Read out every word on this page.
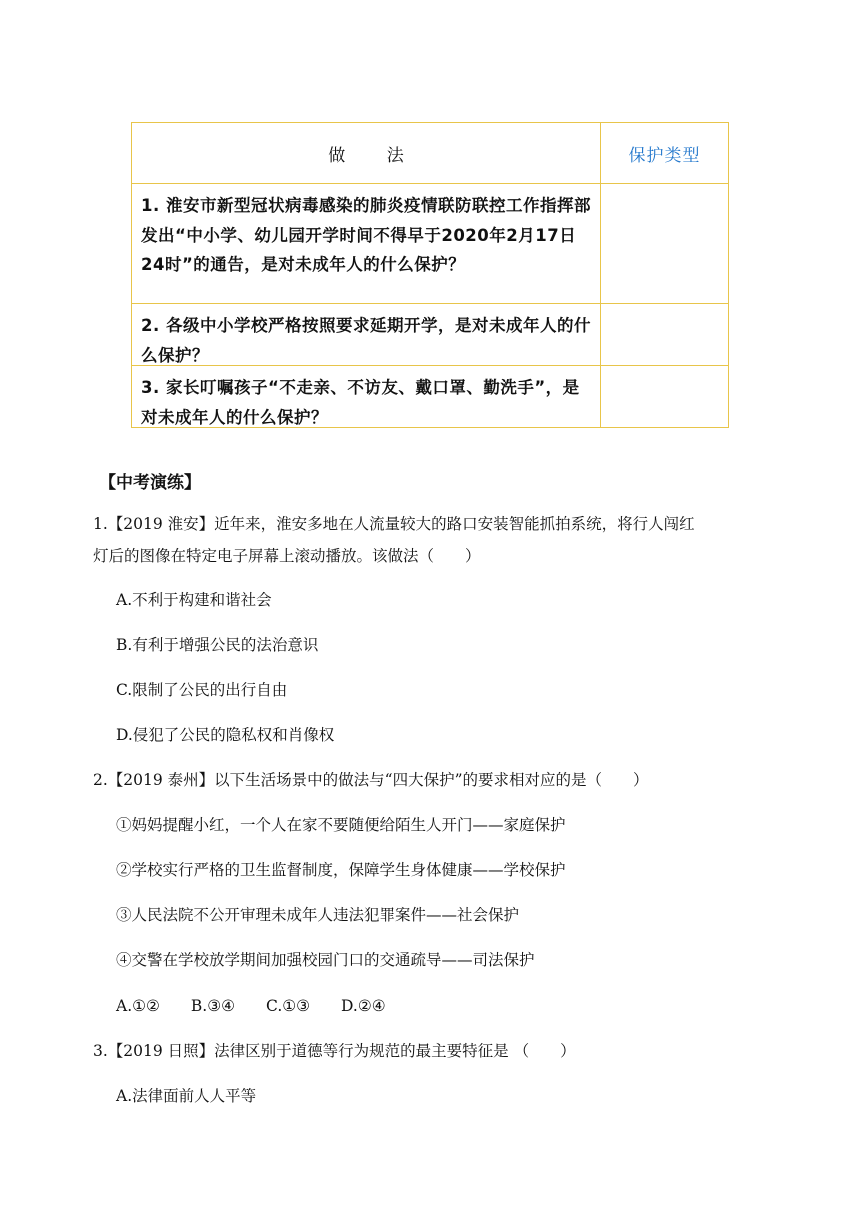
做 法	保护类型

1. 淮安市新型冠状病毒感染的肺炎疫情联防联控工作指挥部发出“中小学、幼儿园开学时间不得早于2020年2月17日24时”的通告，是对未成年人的什么保护？	

2. 各级中小学校严格按照要求延期开学，是对未成年人的什么保护？	

3. 家长叮嘱孩子“不走亲、不访友、戴口罩、勤洗手”，是对未成年人的什么保护？	

【中考演练】
1.【2019 淮安】近年来，淮安多地在人流量较大的路口安装智能抓拍系统，将行人闯红
灯后的图像在特定电子屏幕上滚动播放。该做法（　　）
A.不利于构建和谐社会
B.有利于增强公民的法治意识
C.限制了公民的出行自由
D.侵犯了公民的隐私权和肖像权
2.【2019 泰州】以下生活场景中的做法与“四大保护”的要求相对应的是（　　）
①妈妈提醒小红，一个人在家不要随便给陌生人开门——家庭保护
②学校实行严格的卫生监督制度，保障学生身体健康——学校保护
③人民法院不公开审理未成年人违法犯罪案件——社会保护
④交警在学校放学期间加强校园门口的交通疏导——司法保护
A.①②　　B.③④　　C.①③　　D.②④
3.【2019 日照】法律区别于道德等行为规范的最主要特征是 （　　）
A.法律面前人人平等
